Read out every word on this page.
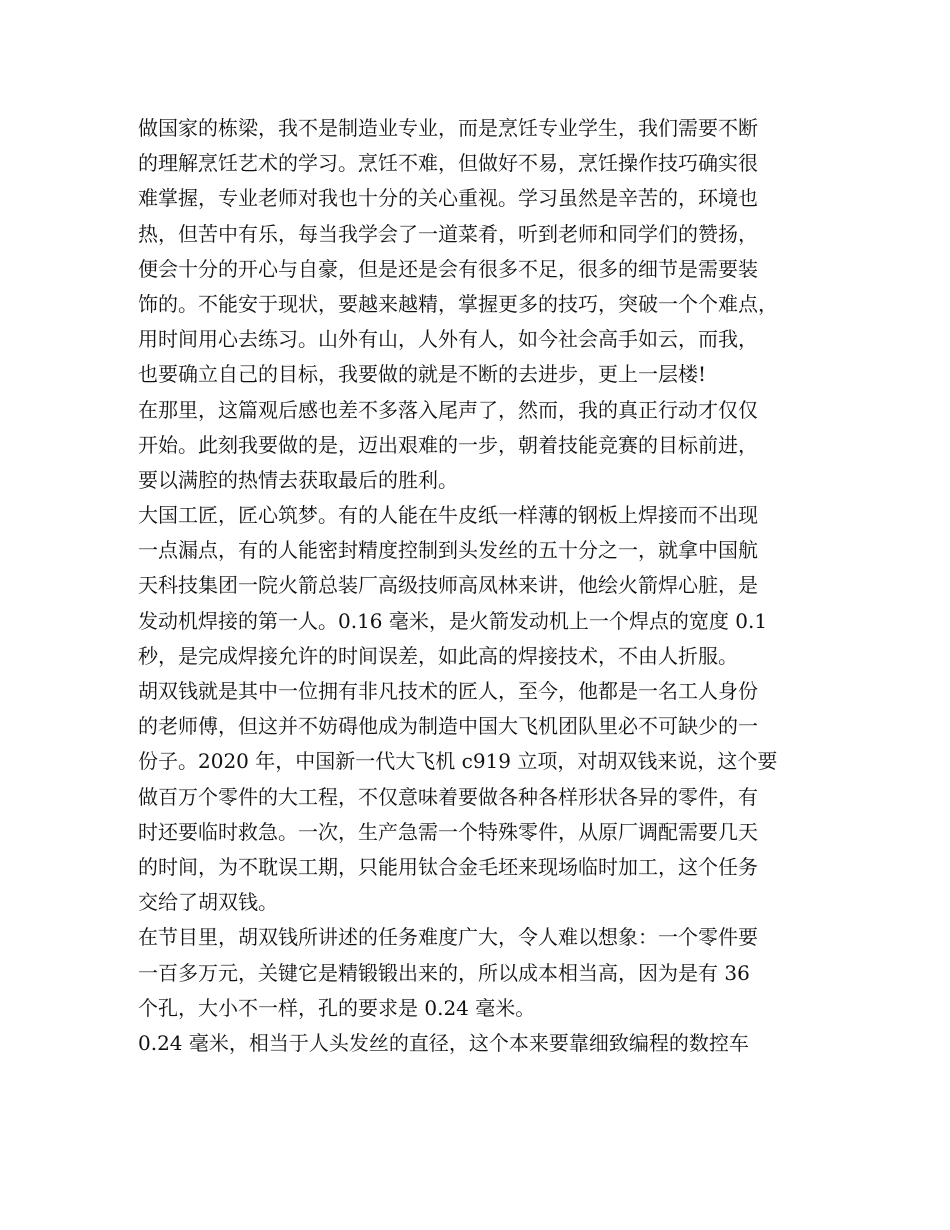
做国家的栋梁，我不是制造业专业，而是烹饪专业学生，我们需要不断
的理解烹饪艺术的学习。烹饪不难，但做好不易，烹饪操作技巧确实很
难掌握，专业老师对我也十分的关心重视。学习虽然是辛苦的，环境也
热，但苦中有乐，每当我学会了一道菜肴，听到老师和同学们的赞扬，
便会十分的开心与自豪，但是还是会有很多不足，很多的细节是需要装
饰的。不能安于现状，要越来越精，掌握更多的技巧，突破一个个难点，
用时间用心去练习。山外有山，人外有人，如今社会高手如云，而我，
也要确立自己的目标，我要做的就是不断的去进步，更上一层楼!
在那里，这篇观后感也差不多落入尾声了，然而，我的真正行动才仅仅
开始。此刻我要做的是，迈出艰难的一步，朝着技能竞赛的目标前进，
要以满腔的热情去获取最后的胜利。
大国工匠，匠心筑梦。有的人能在牛皮纸一样薄的钢板上焊接而不出现
一点漏点，有的人能密封精度控制到头发丝的五十分之一，就拿中国航
天科技集团一院火箭总装厂高级技师高凤林来讲，他绘火箭焊心脏，是
发动机焊接的第一人。0.16 毫米，是火箭发动机上一个焊点的宽度 0.1
秒，是完成焊接允许的时间误差，如此高的焊接技术，不由人折服。
胡双钱就是其中一位拥有非凡技术的匠人，至今，他都是一名工人身份
的老师傅，但这并不妨碍他成为制造中国大飞机团队里必不可缺少的一
份子。2020 年，中国新一代大飞机 c919 立项，对胡双钱来说，这个要
做百万个零件的大工程，不仅意味着要做各种各样形状各异的零件，有
时还要临时救急。一次，生产急需一个特殊零件，从原厂调配需要几天
的时间，为不耽误工期，只能用钛合金毛坯来现场临时加工，这个任务
交给了胡双钱。
在节目里，胡双钱所讲述的任务难度广大，令人难以想象：一个零件要
一百多万元，关键它是精锻锻出来的，所以成本相当高，因为是有 36
个孔，大小不一样，孔的要求是 0.24 毫米。
0.24 毫米，相当于人头发丝的直径，这个本来要靠细致编程的数控车
